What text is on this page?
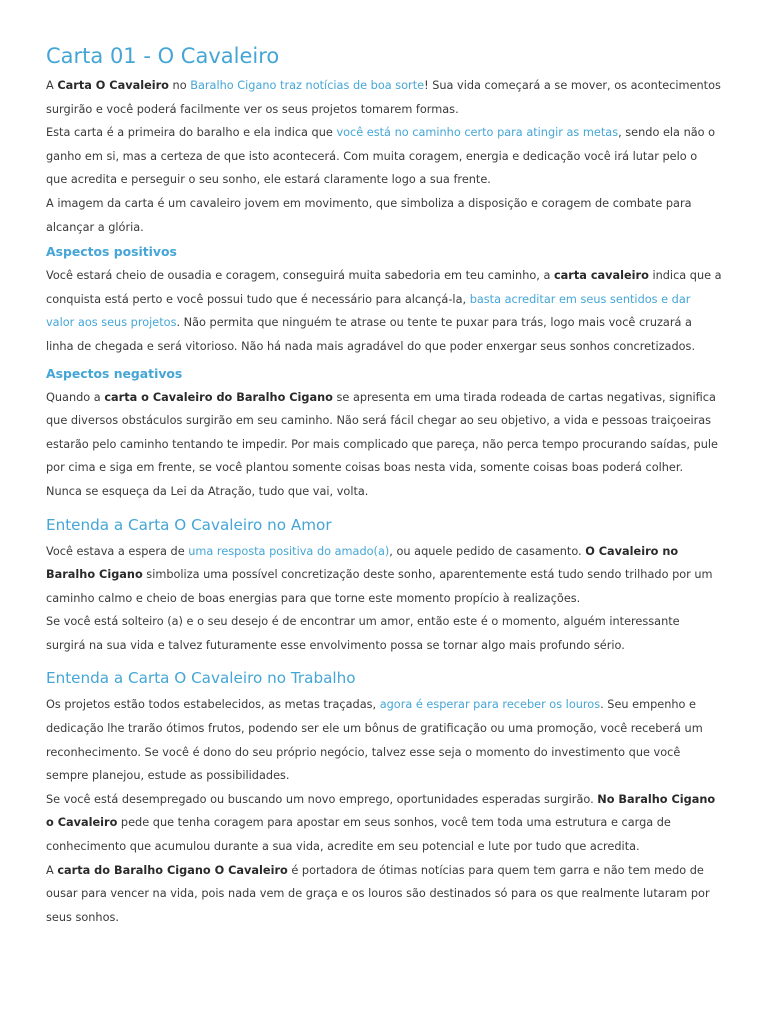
Carta 01 - O Cavaleiro

A Carta O Cavaleiro no Baralho Cigano traz notícias de boa sorte! Sua vida começará a se mover, os acontecimentos surgirão e você poderá facilmente ver os seus projetos tomarem formas.

Esta carta é a primeira do baralho e ela indica que você está no caminho certo para atingir as metas, sendo ela não o ganho em si, mas a certeza de que isto acontecerá. Com muita coragem, energia e dedicação você irá lutar pelo o que acredita e perseguir o seu sonho, ele estará claramente logo a sua frente.

A imagem da carta é um cavaleiro jovem em movimento, que simboliza a disposição e coragem de combate para alcançar a glória.

Aspectos positivos

Você estará cheio de ousadia e coragem, conseguirá muita sabedoria em teu caminho, a carta cavaleiro indica que a conquista está perto e você possui tudo que é necessário para alcançá-la, basta acreditar em seus sentidos e dar valor aos seus projetos. Não permita que ninguém te atrase ou tente te puxar para trás, logo mais você cruzará a linha de chegada e será vitorioso. Não há nada mais agradável do que poder enxergar seus sonhos concretizados.

Aspectos negativos

Quando a carta o Cavaleiro do Baralho Cigano se apresenta em uma tirada rodeada de cartas negativas, significa que diversos obstáculos surgirão em seu caminho. Não será fácil chegar ao seu objetivo, a vida e pessoas traiçoeiras estarão pelo caminho tentando te impedir. Por mais complicado que pareça, não perca tempo procurando saídas, pule por cima e siga em frente, se você plantou somente coisas boas nesta vida, somente coisas boas poderá colher. Nunca se esqueça da Lei da Atração, tudo que vai, volta.

Entenda a Carta O Cavaleiro no Amor

Você estava a espera de uma resposta positiva do amado(a), ou aquele pedido de casamento. O Cavaleiro no Baralho Cigano simboliza uma possível concretização deste sonho, aparentemente está tudo sendo trilhado por um caminho calmo e cheio de boas energias para que torne este momento propício à realizações.

Se você está solteiro (a) e o seu desejo é de encontrar um amor, então este é o momento, alguém interessante surgirá na sua vida e talvez futuramente esse envolvimento possa se tornar algo mais profundo sério.

Entenda a Carta O Cavaleiro no Trabalho

Os projetos estão todos estabelecidos, as metas traçadas, agora é esperar para receber os louros. Seu empenho e dedicação lhe trarão ótimos frutos, podendo ser ele um bônus de gratificação ou uma promoção, você receberá um reconhecimento. Se você é dono do seu próprio negócio, talvez esse seja o momento do investimento que você sempre planejou, estude as possibilidades.

Se você está desempregado ou buscando um novo emprego, oportunidades esperadas surgirão. No Baralho Cigano o Cavaleiro pede que tenha coragem para apostar em seus sonhos, você tem toda uma estrutura e carga de conhecimento que acumulou durante a sua vida, acredite em seu potencial e lute por tudo que acredita.

A carta do Baralho Cigano O Cavaleiro é portadora de ótimas notícias para quem tem garra e não tem medo de ousar para vencer na vida, pois nada vem de graça e os louros são destinados só para os que realmente lutaram por seus sonhos.
